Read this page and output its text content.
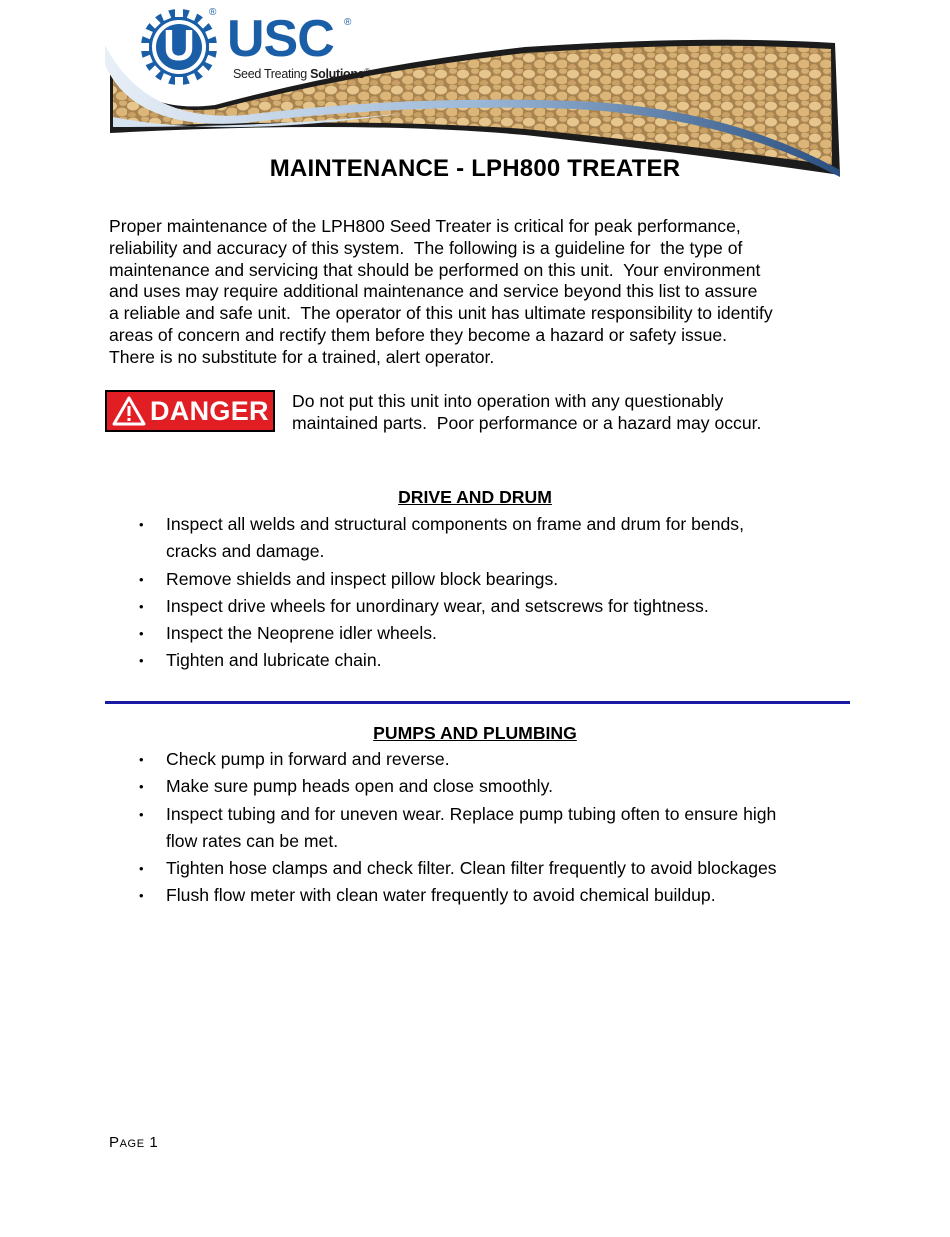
U USC
®
®
Seed Treating Solutions®
MAINTENANCE - LPH800 TREATER

Proper maintenance of the LPH800 Seed Treater is critical for peak performance,

reliability and accuracy of this system.  The following is a guideline for  the type of

maintenance and servicing that should be performed on this unit.  Your environment

and uses may require additional maintenance and service beyond this list to assure

a reliable and safe unit.  The operator of this unit has ultimate responsibility to identify

areas of concern and rectify them before they become a hazard or safety issue.

There is no substitute for a trained, alert operator.

DANGER Do not put this unit into operation with any questionably

maintained parts.  Poor performance or a hazard may occur.

DRIVE AND DRUM
• Inspect all welds and structural components on frame and drum for bends,
cracks and damage.
• Remove shields and inspect pillow block bearings.
• Inspect drive wheels for unordinary wear, and setscrews for tightness.
• Inspect the Neoprene idler wheels.
• Tighten and lubricate chain.
PUMPS AND PLUMBING
• Check pump in forward and reverse.
• Make sure pump heads open and close smoothly.
• Inspect tubing and for uneven wear. Replace pump tubing often to ensure high
flow rates can be met.
• Tighten hose clamps and check filter. Clean filter frequently to avoid blockages
• Flush flow meter with clean water frequently to avoid chemical buildup.
Page 1
